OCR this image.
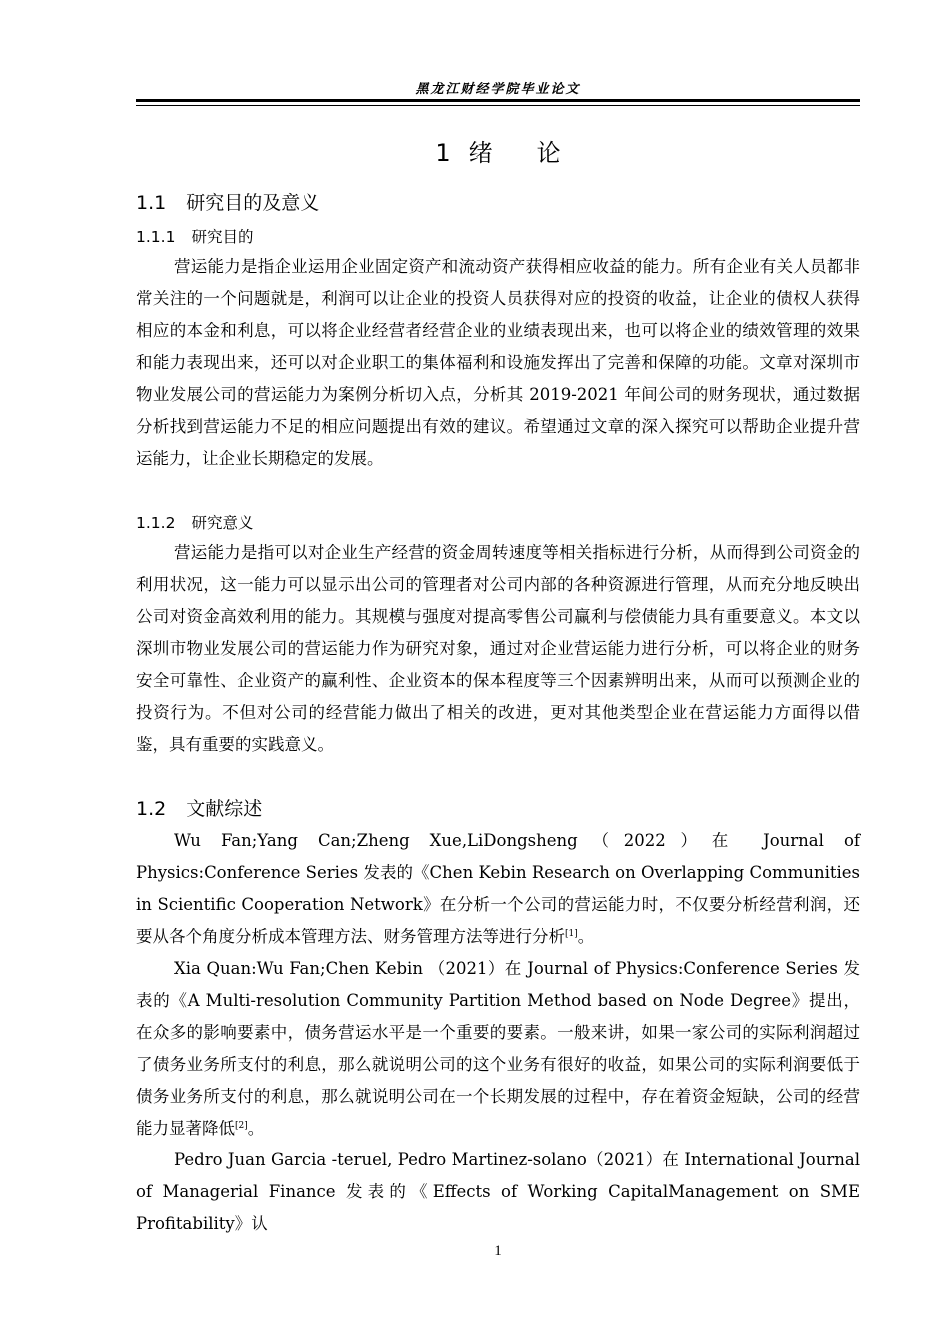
黑龙江财经学院毕业论文
1 绪 论
1.1 研究目的及意义
1.1.1 研究目的

营运能力是指企业运用企业固定资产和流动资产获得相应收益的能力。所有企业有关人员都非常关注的一个问题就是，利润可以让企业的投资人员获得对应的投资的收益，让企业的债权人获得相应的本金和利息，可以将企业经营者经营企业的业绩表现出来，也可以将企业的绩效管理的效果和能力表现出来，还可以对企业职工的集体福利和设施发挥出了完善和保障的功能。文章对深圳市物业发展公司的营运能力为案例分析切入点，分析其 2019-2021 年间公司的财务现状，通过数据分析找到营运能力不足的相应问题提出有效的建议。希望通过文章的深入探究可以帮助企业提升营运能力，让企业长期稳定的发展。

1.1.2 研究意义

营运能力是指可以对企业生产经营的资金周转速度等相关指标进行分析，从而得到公司资金的利用状况，这一能力可以显示出公司的管理者对公司内部的各种资源进行管理，从而充分地反映出公司对资金高效利用的能力。其规模与强度对提高零售公司赢利与偿债能力具有重要意义。本文以深圳市物业发展公司的营运能力作为研究对象，通过对企业营运能力进行分析，可以将企业的财务安全可靠性、企业资产的赢利性、企业资本的保本程度等三个因素辨明出来，从而可以预测企业的投资行为。不但对公司的经营能力做出了相关的改进，更对其他类型企业在营运能力方面得以借鉴，具有重要的实践意义。

1.2 文献综述

Wu Fan;Yang Can;Zheng Xue,LiDongsheng（2022）在 Journal of Physics:Conference Series 发表的《Chen Kebin Research on Overlapping Communities in Scientific Cooperation Network》在分析一个公司的营运能力时，不仅要分析经营利润，还要从各个角度分析成本管理方法、财务管理方法等进行分析[1]。

Xia Quan:Wu Fan;Chen Kebin （2021）在 Journal of Physics:Conference Series 发表的《A Multi-resolution Community Partition Method based on Node Degree》提出，在众多的影响要素中，债务营运水平是一个重要的要素。一般来讲，如果一家公司的实际利润超过了债务业务所支付的利息，那么就说明公司的这个业务有很好的收益，如果公司的实际利润要低于债务业务所支付的利息，那么就说明公司在一个长期发展的过程中，存在着资金短缺，公司的经营能力显著降低[2]。

Pedro Juan Garcia -teruel, Pedro Martinez-solano（2021）在 International Journal of Managerial Finance 发表的《Effects of Working CapitalManagement on SME Profitability》认

1
